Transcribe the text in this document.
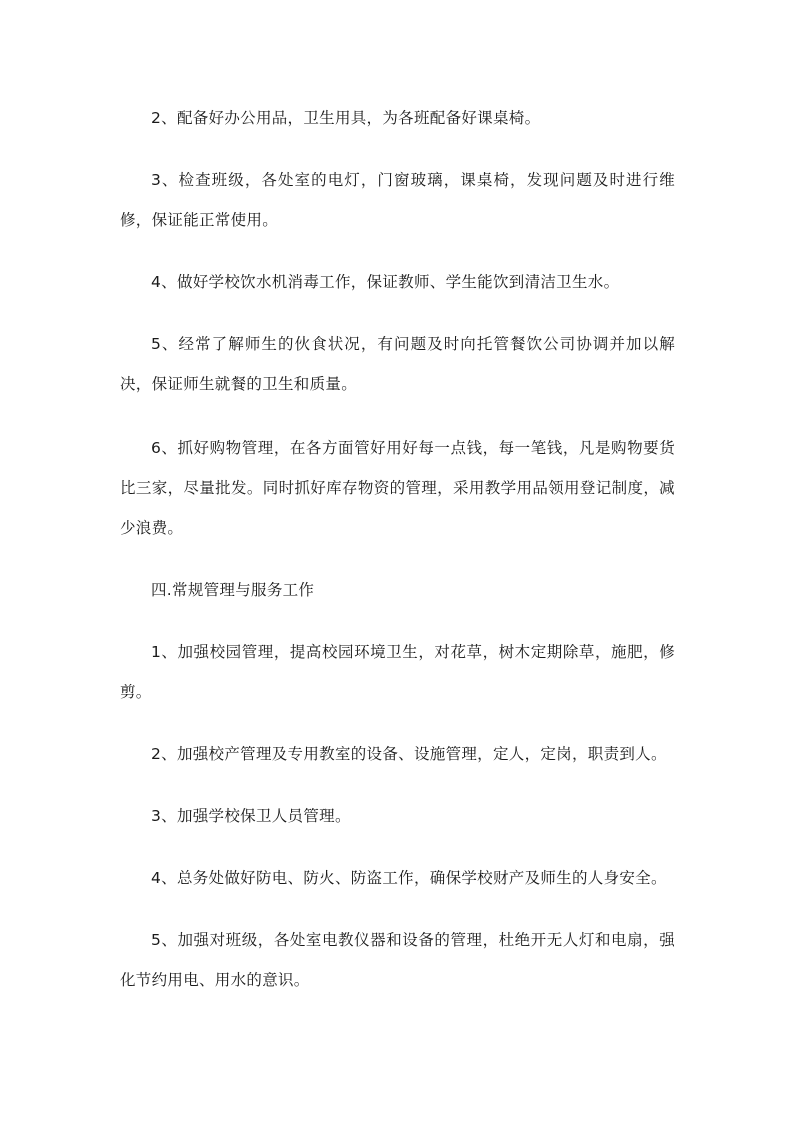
2、配备好办公用品，卫生用具，为各班配备好课桌椅。

3、检查班级，各处室的电灯，门窗玻璃，课桌椅，发现问题及时进行维修，保证能正常使用。

4、做好学校饮水机消毒工作，保证教师、学生能饮到清洁卫生水。

5、经常了解师生的伙食状况，有问题及时向托管餐饮公司协调并加以解决，保证师生就餐的卫生和质量。

6、抓好购物管理，在各方面管好用好每一点钱，每一笔钱，凡是购物要货比三家，尽量批发。同时抓好库存物资的管理，采用教学用品领用登记制度，减少浪费。

四.常规管理与服务工作

1、加强校园管理，提高校园环境卫生，对花草，树木定期除草，施肥，修剪。

2、加强校产管理及专用教室的设备、设施管理，定人，定岗，职责到人。

3、加强学校保卫人员管理。

4、总务处做好防电、防火、防盗工作，确保学校财产及师生的人身安全。

5、加强对班级，各处室电教仪器和设备的管理，杜绝开无人灯和电扇，强化节约用电、用水的意识。
